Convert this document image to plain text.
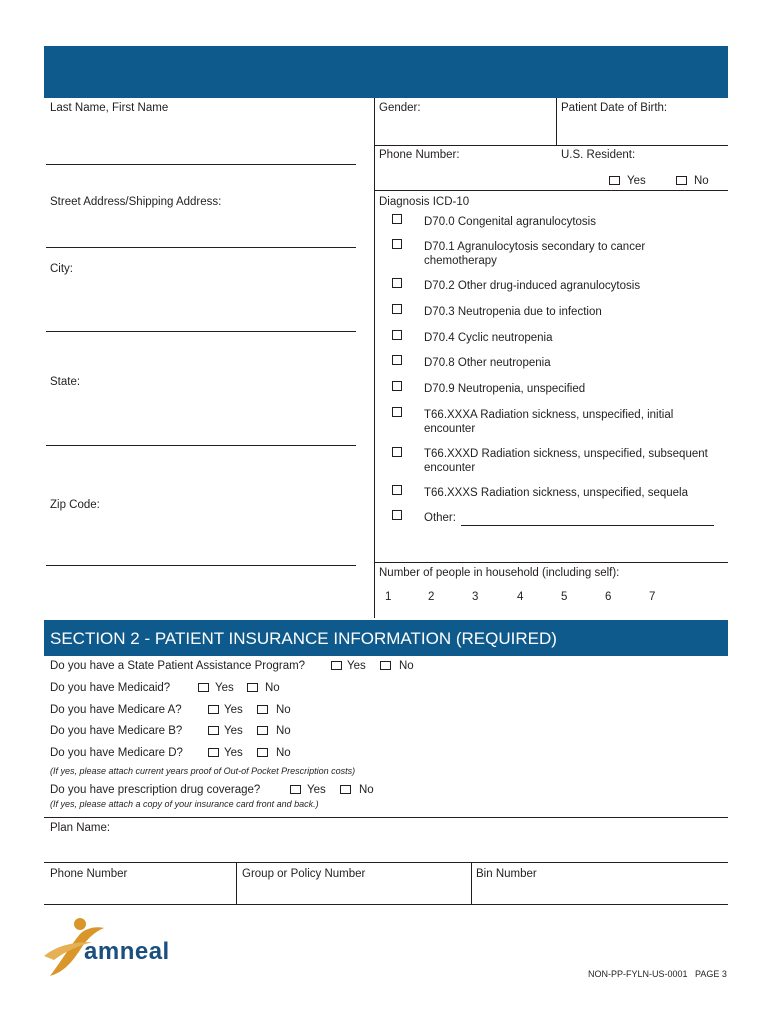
Last Name, First Name
Street Address/Shipping Address:
City:
State:
Zip Code:
Gender:	Patient Date of Birth:
Phone Number:	U.S. Resident:
Yes	No
Diagnosis ICD-10
D70.0 Congenital agranulocytosis
D70.1 Agranulocytosis secondary to cancer
chemotherapy
D70.2 Other drug-induced agranulocytosis
D70.3 Neutropenia due to infection
D70.4 Cyclic neutropenia
D70.8 Other neutropenia
D70.9 Neutropenia, unspecified
T66.XXXA Radiation sickness, unspecified, initial
encounter
T66.XXXD Radiation sickness, unspecified, subsequent
encounter
T66.XXXS Radiation sickness, unspecified, sequela
Other:
Number of people in household (including self):
1	2	3	4	5	6	7
SECTION 2 - PATIENT INSURANCE INFORMATION (REQUIRED)
Do you have a State Patient Assistance Program?	Yes	No
Do you have Medicaid?	Yes	No
Do you have Medicare A?	Yes	No
Do you have Medicare B?	Yes	No
Do you have Medicare D?	Yes	No
(If yes, please attach current years proof of Out-of Pocket Prescription costs)
Do you have prescription drug coverage?	Yes	No
(If yes, please attach a copy of your insurance card front and back.)
Plan Name:
Phone Number	Group or Policy Number	Bin Number
amneal
NON-PP-FYLN-US-0001 PAGE 3
